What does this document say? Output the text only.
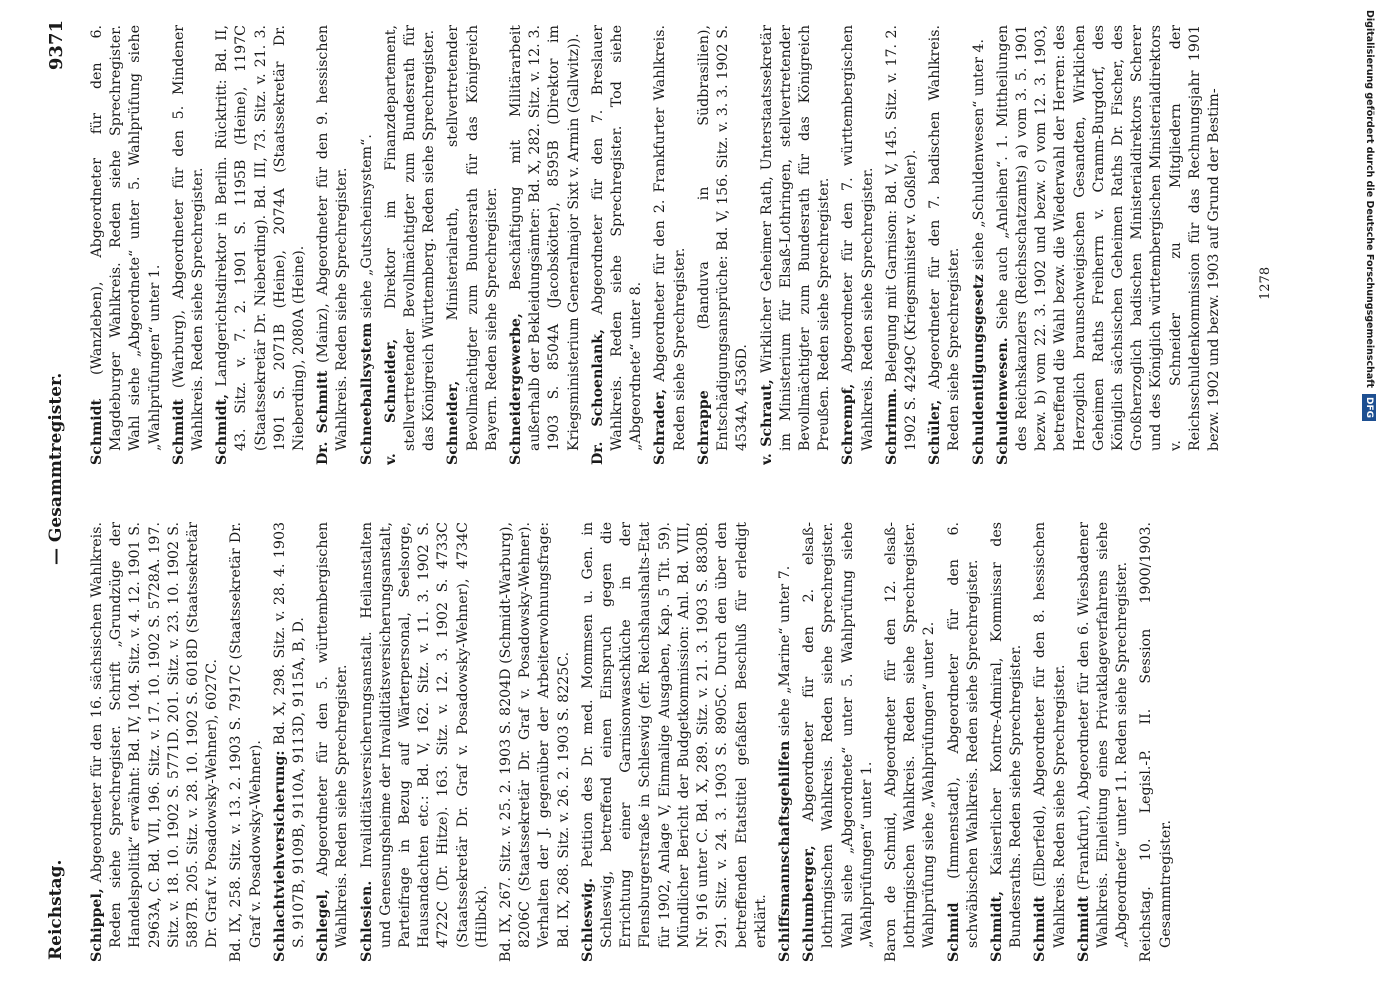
Reichstag.
— Gesammtregister.
9371
Schippel, Abgeordneter für den 16. sächsischen Wahlkreis. Reden siehe Sprechregister. Schrift „Grundzüge der Handelspolitik“ erwähnt: Bd. IV, 104. Sitz. v. 4. 12. 1901 S. 2963A, C. Bd. VII, 196. Sitz. v. 17. 10. 1902 S. 5728A. 197. Sitz. v. 18. 10. 1902 S. 5771D. 201. Sitz. v. 23. 10. 1902 S. 5887B. 205. Sitz. v. 28. 10. 1902 S. 6018D (Staatssekretär Dr. Graf v. Posadowsky-Wehner), 6027C. Bd. IX, 258. Sitz. v. 13. 2. 1903 S. 7917C (Staatssekretär Dr. Graf v. Posadowsky-Wehner). Schlachtviehversicherung: Bd. X, 298. Sitz. v. 28. 4. 1903 S. 9107B, 9109B, 9110A, 9113D, 9115A, B, D. Schlegel, Abgeordneter für den 5. württembergischen Wahlkreis. Reden siehe Sprechregister. Schlesien. Invaliditätsversicherungsanstalt. Heilanstalten und Genesungsheime der Invaliditätsversicherungsanstalt, Parteifrage in Bezug auf Wärterpersonal, Seelsorge, Hausandachten etc.: Bd. V, 162. Sitz. v. 11. 3. 1902 S. 4722C (Dr. Hitze). 163. Sitz. v. 12. 3. 1902 S. 4733C (Staatssekretär Dr. Graf v. Posadowsky-Wehner), 4734C (Hilbck). Bd. IX, 267. Sitz. v. 25. 2. 1903 S. 8204D (Schmidt-Warburg), 8206C (Staatssekretär Dr. Graf v. Posadowsky-Wehner). Verhalten der J. gegenüber der Arbeiterwohnungsfrage: Bd. IX, 268. Sitz. v. 26. 2. 1903 S. 8225C. Schleswig. Petition des Dr. med. Mommsen u. Gen. in Schleswig, betreffend einen Einspruch gegen die Errichtung einer Garnisonwaschküche in der Flensburgerstraße in Schleswig (efr. Reichshaushalts-Etat für 1902, Anlage V, Einmalige Ausgaben, Kap. 5 Tit. 59). Mündlicher Bericht der Budgetkommission: Anl. Bd. VIII, Nr. 916 unter C. Bd. X, 289. Sitz. v. 21. 3. 1903 S. 8830B. 291. Sitz. v. 24. 3. 1903 S. 8905C. Durch den über den betreffenden Etatstitel gefaßten Beschluß für erledigt erklärt. Schiffsmannschaftsgehilfen siehe „Marine“ unter 7.
Schlumberger, Abgeordneter für den 2. elsaß-lothringischen Wahlkreis. Reden siehe Sprechregister. Wahl siehe „Abgeordnete“ unter 5. Wahlprüfung siehe „Wahlprüfungen“ unter 1. Baron de Schmid, Abgeordneter für den 12. elsaß-lothringischen Wahlkreis. Reden siehe Sprechregister. Wahlprüfung siehe „Wahlprüfungen“ unter 2. Schmid (Immenstadt), Abgeordneter für den 6. schwäbischen Wahlkreis. Reden siehe Sprechregister. Schmidt, Kaiserlicher Kontre-Admiral, Kommissar des Bundesraths. Reden siehe Sprechregister. Schmidt (Elberfeld), Abgeordneter für den 8. hessischen Wahlkreis. Reden siehe Sprechregister. Schmidt (Frankfurt), Abgeordneter für den 6. Wiesbadener Wahlkreis. Einleitung eines Privatklageverfahrens siehe „Abgeordnete“ unter 11. Reden siehe Sprechregister. Reichstag. 10. Legisl.-P. II. Session 1900/1903. Gesammtregister.
Schmidt (Wanzleben), Abgeordneter für den 6. Magdeburger Wahlkreis. Reden siehe Sprechregister. Wahl siehe „Abgeordnete“ unter 5. Wahlprüfung siehe „Wahlprüfungen“ unter 1. Schmidt (Warburg), Abgeordneter für den 5. Mindener Wahlkreis. Reden siehe Sprechregister. Schmidt, Landgerichtsdirektor in Berlin. Rücktritt: Bd. II, 43. Sitz. v. 7. 2. 1901 S. 1195B (Heine), 1197C (Staatssekretär Dr. Nieberding). Bd. III, 73. Sitz. v. 21. 3. 1901 S. 2071B (Heine), 2074A (Staatssekretär Dr. Nieberding), 2080A (Heine). Dr. Schmitt (Mainz), Abgeordneter für den 9. hessischen Wahlkreis. Reden siehe Sprechregister. Schneeballsystem siehe „Gutscheinsystem“.
v. Schneider, Direktor im Finanzdepartement, stellvertretender Bevollmächtigter zum Bundesrath für das Königreich Württemberg. Reden siehe Sprechregister. Schneider, Ministerialrath, stellvertretender Bevollmächtigter zum Bundesrath für das Königreich Bayern. Reden siehe Sprechregister. Schneidergewerbe, Beschäftigung mit Militärarbeit außerhalb der Bekleidungsämter: Bd. X, 282. Sitz. v. 12. 3. 1903 S. 8504A (Jacobskötter), 8595B (Direktor im Kriegsministerium Generalmajor Sixt v. Armin (Gallwitz)). Dr. Schoenlank, Abgeordneter für den 7. Breslauer Wahlkreis. Reden siehe Sprechregister. Tod siehe „Abgeordnete“ unter 8. Schrader, Abgeordneter für den 2. Frankfurter Wahlkreis. Reden siehe Sprechregister. Schrappe (Banduva in Südbrasilien), Entschädigungsansprüche: Bd. V, 156. Sitz. v. 3. 3. 1902 S. 4534A, 4536D. v. Schraut, Wirklicher Geheimer Rath, Unterstaatssekretär im Ministerium für Elsaß-Lothringen, stellvertretender Bevollmächtigter zum Bundesrath für das Königreich Preußen. Reden siehe Sprechregister. Schrempf, Abgeordneter für den 7. württembergischen Wahlkreis. Reden siehe Sprechregister. Schrimm. Belegung mit Garnison: Bd. V, 145. Sitz. v. 17. 2. 1902 S. 4249C (Kriegsminister v. Goßler). Schüler, Abgeordneter für den 7. badischen Wahlkreis. Reden siehe Sprechregister. Schuldentilgungsgesetz siehe „Schuldenwesen“ unter 4.
Schuldenwesen. Siehe auch „Anleihen“. 1. Mittheilungen des Reichskanzlers (Reichsschatzamts) a) vom 3. 5. 1901 bezw. b) vom 22. 3. 1902 und bezw. c) vom 12. 3. 1903, betreffend die Wahl bezw. die Wiederwahl der Herren: des Herzoglich braunschweigischen Gesandten, Wirklichen Geheimen Raths Freiherrn v. Cramm-Burgdorf, des Königlich sächsischen Geheimen Raths Dr. Fischer, des Großherzoglich badischen Ministerialdirektors Scherer und des Königlich württembergischen Ministerialdirektors v. Schneider zu Mitgliedern der Reichsschuldenkommission für das Rechnungsjahr 1901 bezw. 1902 und bezw. 1903 auf Grund der Bestim-	1278	Digitalisierung gefördert durch die Deutsche ForschungsgemeinschaftDFG
